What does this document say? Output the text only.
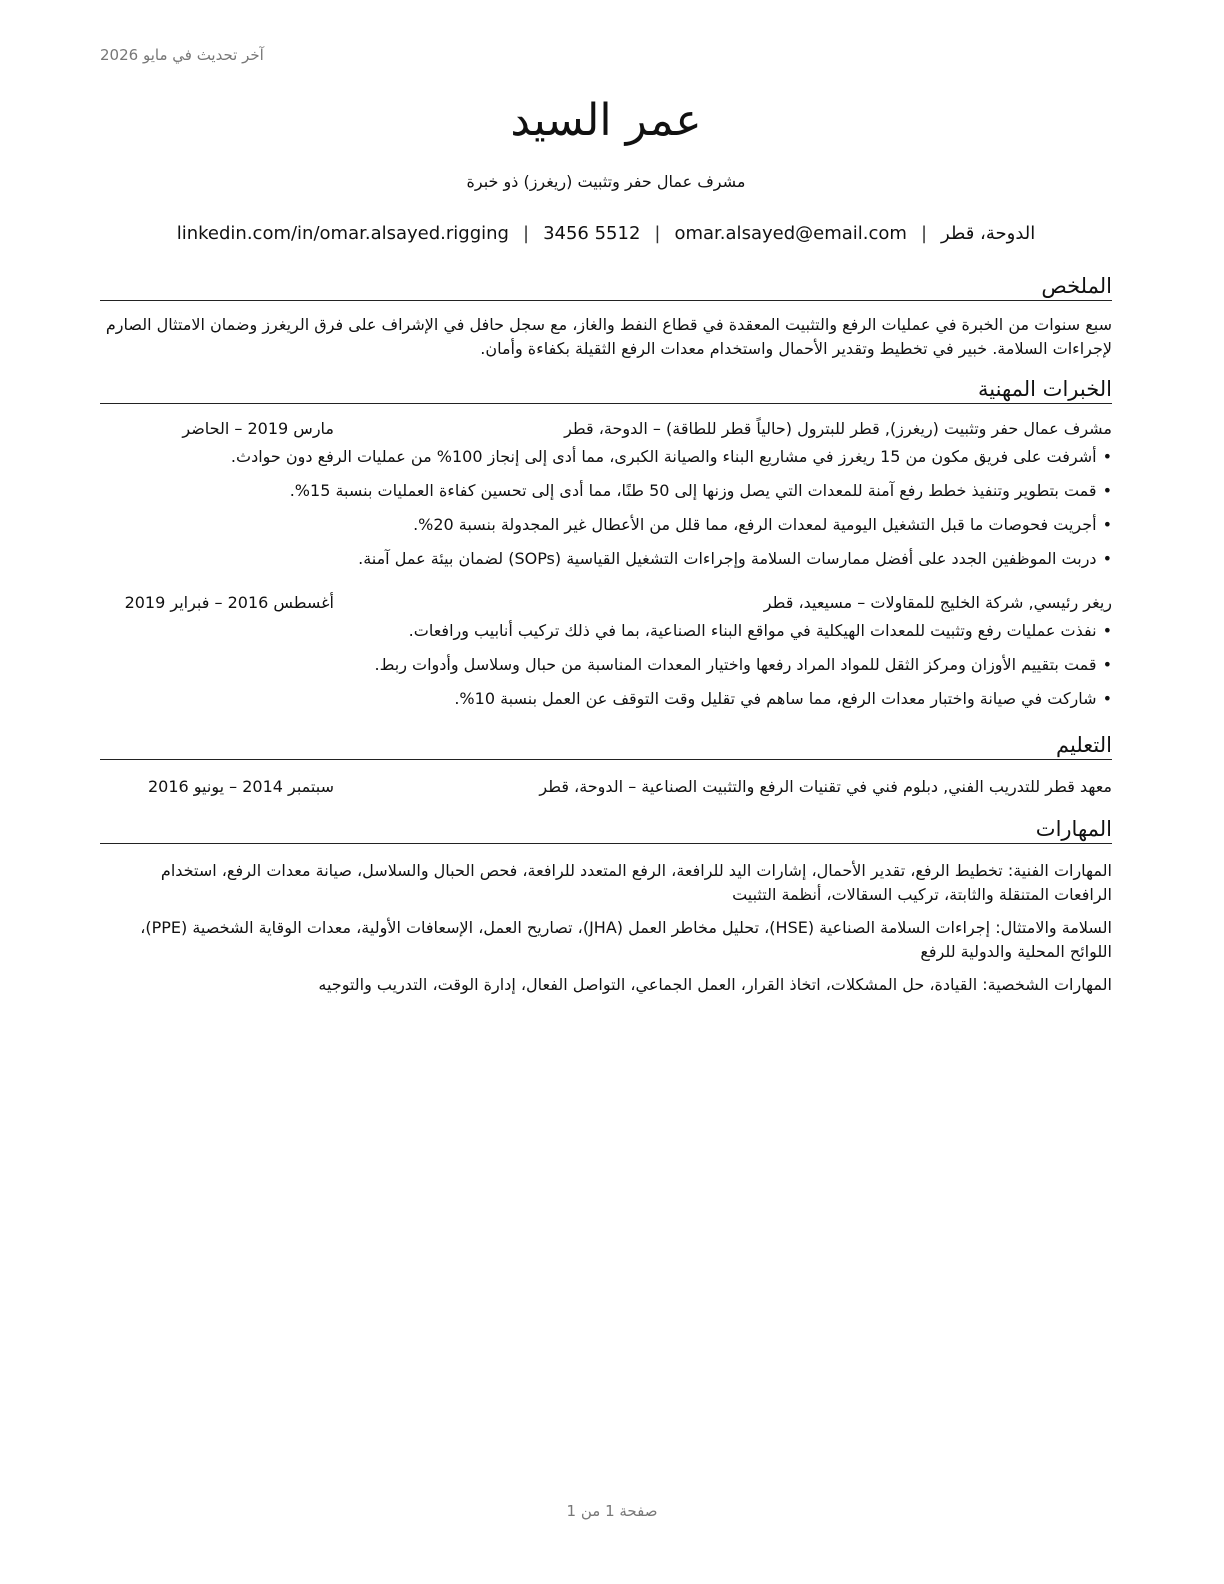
آخر تحديث في مايو 2026
عمر السيد
مشرف عمال حفر وتثبيت (ريغرز) ذو خبرة
الدوحة، قطر|omar.alsayed@email.com|3456 5512|linkedin.com/in/omar.alsayed.rigging
الملخص
سبع سنوات من الخبرة في عمليات الرفع والتثبيت المعقدة في قطاع النفط والغاز، مع سجل حافل في الإشراف على فرق الريغرز وضمان الامتثال الصارم لإجراءات السلامة. خبير في تخطيط وتقدير الأحمال واستخدام معدات الرفع الثقيلة بكفاءة وأمان.
الخبرات المهنية
مشرف عمال حفر وتثبيت (ريغرز), قطر للبترول (حالياً قطر للطاقة) – الدوحة، قطر
مارس 2019 – الحاضر
•أشرفت على فريق مكون من 15 ريغرز في مشاريع البناء والصيانة الكبرى، مما أدى إلى إنجاز 100% من عمليات الرفع دون حوادث.
•قمت بتطوير وتنفيذ خطط رفع آمنة للمعدات التي يصل وزنها إلى 50 طنًا، مما أدى إلى تحسين كفاءة العمليات بنسبة 15%.
•أجريت فحوصات ما قبل التشغيل اليومية لمعدات الرفع، مما قلل من الأعطال غير المجدولة بنسبة 20%.
•دربت الموظفين الجدد على أفضل ممارسات السلامة وإجراءات التشغيل القياسية (SOPs) لضمان بيئة عمل آمنة.
ريغر رئيسي, شركة الخليج للمقاولات – مسيعيد، قطر
أغسطس 2016 – فبراير 2019
•نفذت عمليات رفع وتثبيت للمعدات الهيكلية في مواقع البناء الصناعية، بما في ذلك تركيب أنابيب ورافعات.
•قمت بتقييم الأوزان ومركز الثقل للمواد المراد رفعها واختيار المعدات المناسبة من حبال وسلاسل وأدوات ربط.
•شاركت في صيانة واختبار معدات الرفع، مما ساهم في تقليل وقت التوقف عن العمل بنسبة 10%.
التعليم
معهد قطر للتدريب الفني, دبلوم فني في تقنيات الرفع والتثبيت الصناعية – الدوحة، قطر
سبتمبر 2014 – يونيو 2016
المهارات
المهارات الفنية: تخطيط الرفع، تقدير الأحمال، إشارات اليد للرافعة، الرفع المتعدد للرافعة، فحص الحبال والسلاسل، صيانة معدات الرفع، استخدام الرافعات المتنقلة والثابتة، تركيب السقالات، أنظمة التثبيت
السلامة والامتثال: إجراءات السلامة الصناعية (HSE)، تحليل مخاطر العمل (JHA)، تصاريح العمل، الإسعافات الأولية، معدات الوقاية الشخصية (PPE)، اللوائح المحلية والدولية للرفع
المهارات الشخصية: القيادة، حل المشكلات، اتخاذ القرار، العمل الجماعي، التواصل الفعال، إدارة الوقت، التدريب والتوجيه
صفحة 1 من 1
